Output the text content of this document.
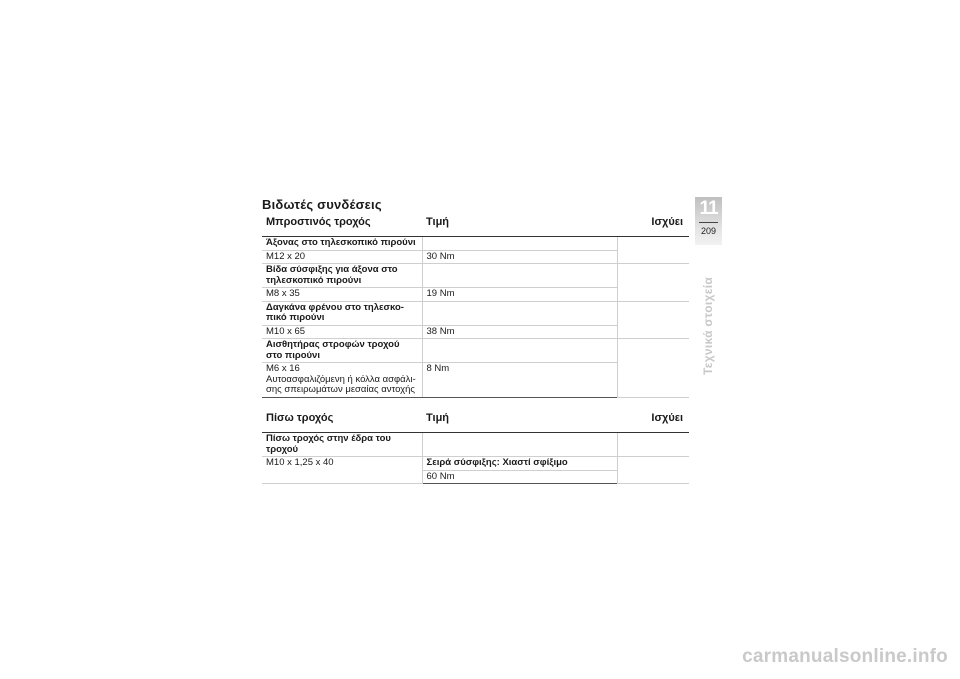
Βιδωτές συνδέσεις
Μπροστινός τροχός	Τιμή	Ισχύει
Άξονας στο τηλεσκοπικό πιρούνι		
M12 x 20	30 Nm	
Βίδα σύσφιξης για άξονα στο τηλεσκοπικό πιρούνι		
M8 x 35	19 Nm	
Δαγκάνα φρένου στο τηλεσκο-πικό πιρούνι		
M10 x 65	38 Nm	
Αισθητήρας στροφών τροχού στο πιρούνι		

M6 x 16
Αυτοασφαλιζόμενη ή κόλλα ασφάλι-σης σπειρωμάτων μεσαίας αντοχής	8 Nm	
Πίσω τροχός	Τιμή	Ισχύει
Πίσω τροχός στην έδρα του τροχού		
M10 x 1,25 x 40	Σειρά σύσφιξης: Χιαστί σφίξιμο	
	60 Nm	
11
209
Τεχνικά στοιχεία
carmanualsonline.info
